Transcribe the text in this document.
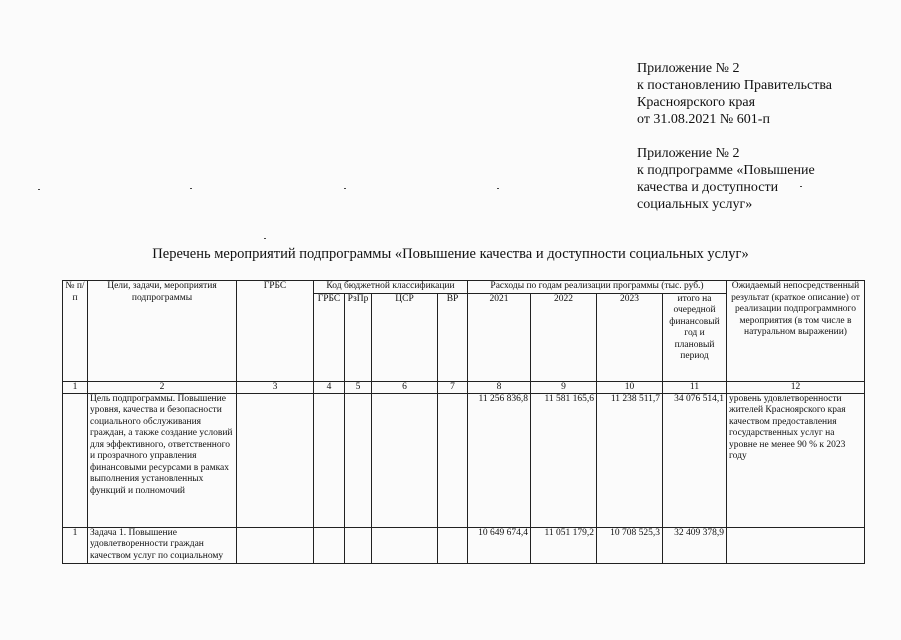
Приложение № 2
к постановлению Правительства
Красноярского края
от 31.08.2021 № 601-п
Приложение № 2
к подпрограмме «Повышение
качества и доступности
социальных услуг»
Перечень мероприятий подпрограммы «Повышение качества и доступности социальных услуг»
№ п/п	Цели, задачи, мероприятия подпрограммы	ГРБС	Код бюджетной классификации				Расходы по годам реализации программы (тыс. руб.)				Ожидаемый непосредственный результат (краткое описание) от реализации подпрограммного мероприятия (в том числе в натуральном выражении)
			ГРБС	РзПр	ЦСР	ВР	2021	2022	2023	итого на очередной финансовый год и плановый период	
1	2	3	4	5	6	7	8	9	10	11	12
	Цель подпрограммы. Повышение уровня, качества и безопасности социального обслуживания граждан, а также создание условий для эффективного, ответственного и прозрачного управления финансовыми ресурсами в рамках выполнения установленных функций и полномочий						11 256 836,8	11 581 165,6	11 238 511,7	34 076 514,1	уровень удовлетворенности жителей Красноярского края качеством предоставления государственных услуг на уровне не менее 90 % к 2023 году
1	Задача 1. Повышение удовлетворенности граждан качеством услуг по социальному						10 649 674,4	11 051 179,2	10 708 525,3	32 409 378,9	
